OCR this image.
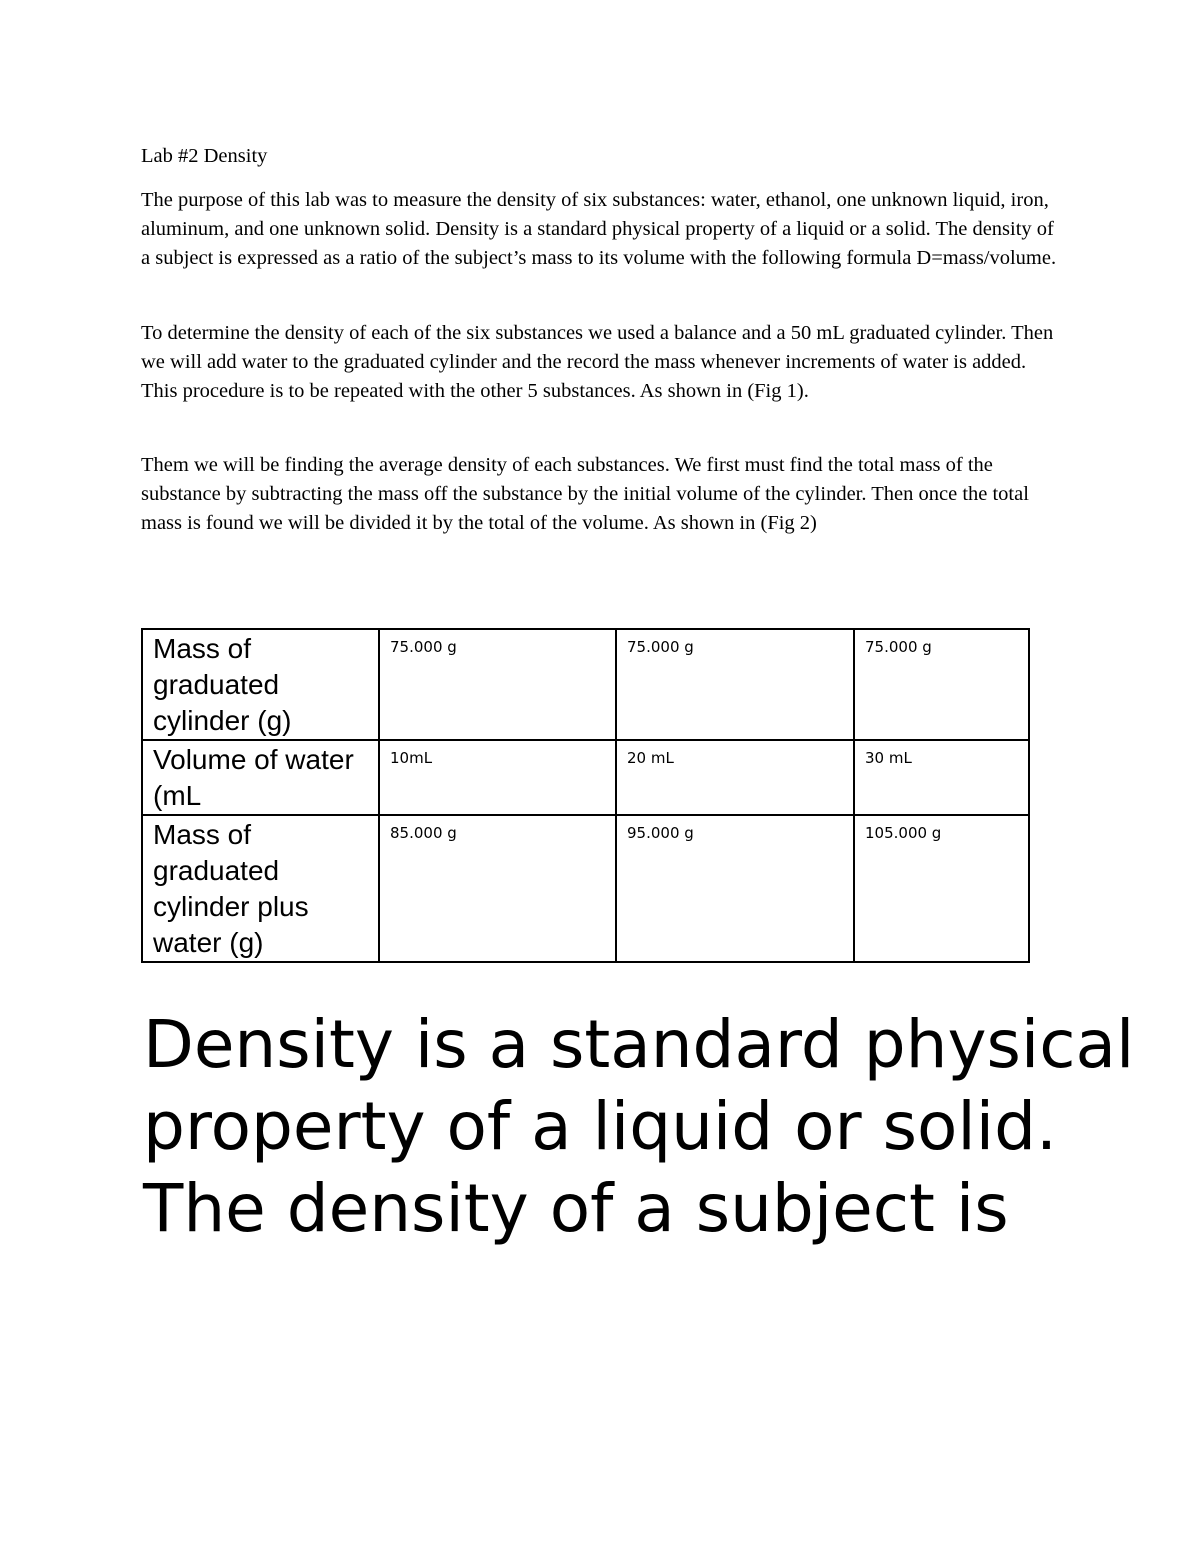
Lab #2 Density

The purpose of this lab was to measure the density of six substances: water, ethanol, one unknown liquid, iron, aluminum, and one unknown solid. Density is a standard physical property of a liquid or a solid. The density of a subject is expressed as a ratio of the subject’s mass to its volume with the following formula D=mass/volume.

To determine the density of each of the six substances we used a balance and a 50 mL graduated cylinder. Then we will add water to the graduated cylinder and the record the mass whenever increments of water is added. This procedure is to be repeated with the other 5 substances. As shown in (Fig 1).

Them we will be finding the average density of each substances. We first must find the total mass of the substance by subtracting the mass off the substance by the initial volume of the cylinder. Then once the total mass is found we will be divided it by the total of the volume. As shown in (Fig 2)

Mass of graduated cylinder (g)	75.000 g	75.000 g	75.000 g
Volume of water (mL	10mL	20 mL	30 mL
Mass of graduated cylinder plus water (g)	85.000 g	95.000 g	105.000 g

Density is a standard physical property of a liquid or solid. The density of a subject is
